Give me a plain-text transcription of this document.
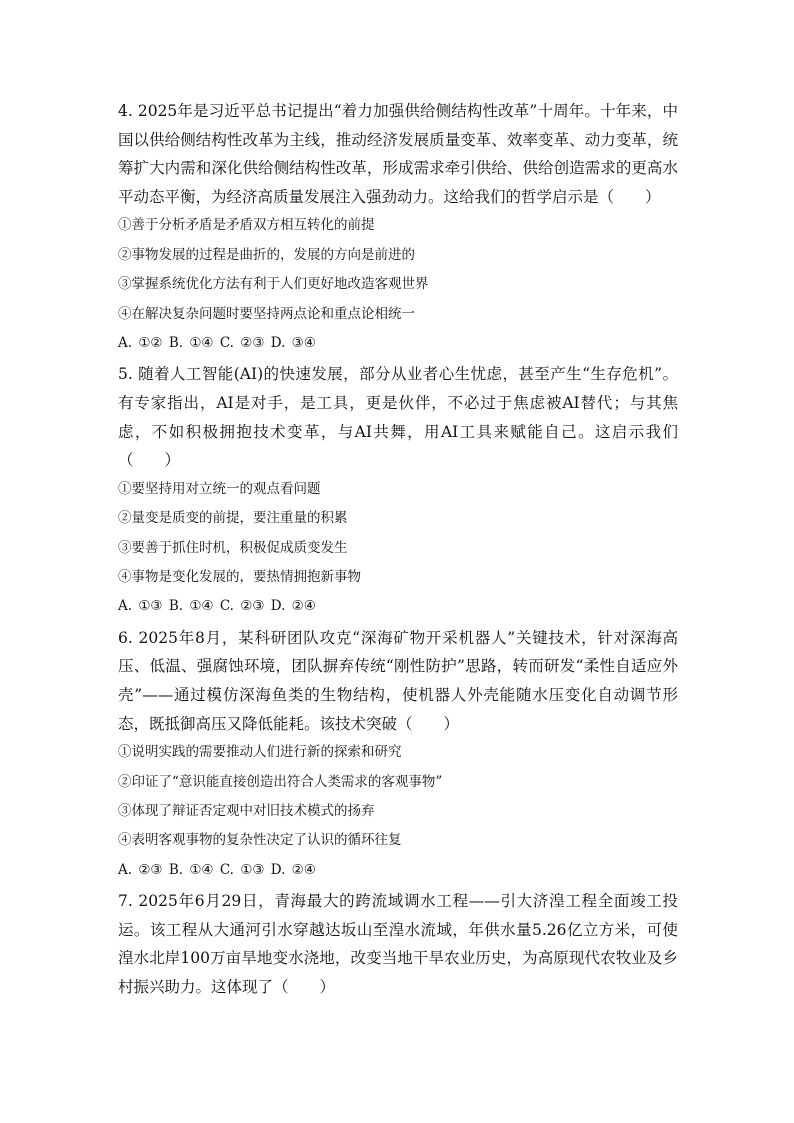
4. 2025年是习近平总书记提出“着力加强供给侧结构性改革”十周年。十年来，中国以供给侧结构性改革为主线，推动经济发展质量变革、效率变革、动力变革，统筹扩大内需和深化供给侧结构性改革，形成需求牵引供给、供给创造需求的更高水平动态平衡，为经济高质量发展注入强劲动力。这给我们的哲学启示是（　　）
①善于分析矛盾是矛盾双方相互转化的前提
②事物发展的过程是曲折的，发展的方向是前进的
③掌握系统优化方法有利于人们更好地改造客观世界
④在解决复杂问题时要坚持两点论和重点论相统一
A. ①② B. ①④ C. ②③ D. ③④
5. 随着人工智能(AI)的快速发展，部分从业者心生忧虑，甚至产生“生存危机”。有专家指出，AI是对手，是工具，更是伙伴，不必过于焦虑被AI替代；与其焦虑，不如积极拥抱技术变革，与AI共舞，用AI工具来赋能自己。这启示我们（　　）
①要坚持用对立统一的观点看问题
②量变是质变的前提，要注重量的积累
③要善于抓住时机，积极促成质变发生
④事物是变化发展的，要热情拥抱新事物
A. ①③ B. ①④ C. ②③ D. ②④
6. 2025年8月，某科研团队攻克“深海矿物开采机器人”关键技术，针对深海高压、低温、强腐蚀环境，团队摒弃传统“刚性防护”思路，转而研发“柔性自适应外壳”——通过模仿深海鱼类的生物结构，使机器人外壳能随水压变化自动调节形态，既抵御高压又降低能耗。该技术突破（　　）
①说明实践的需要推动人们进行新的探索和研究
②印证了“意识能直接创造出符合人类需求的客观事物”
③体现了辩证否定观中对旧技术模式的扬弃
④表明客观事物的复杂性决定了认识的循环往复
A. ②③ B. ①④ C. ①③ D. ②④
7. 2025年6月29日，青海最大的跨流域调水工程——引大济湟工程全面竣工投运。该工程从大通河引水穿越达坂山至湟水流域，年供水量5.26亿立方米，可使湟水北岸100万亩旱地变水浇地，改变当地干旱农业历史，为高原现代农牧业及乡村振兴助力。这体现了（　　）
